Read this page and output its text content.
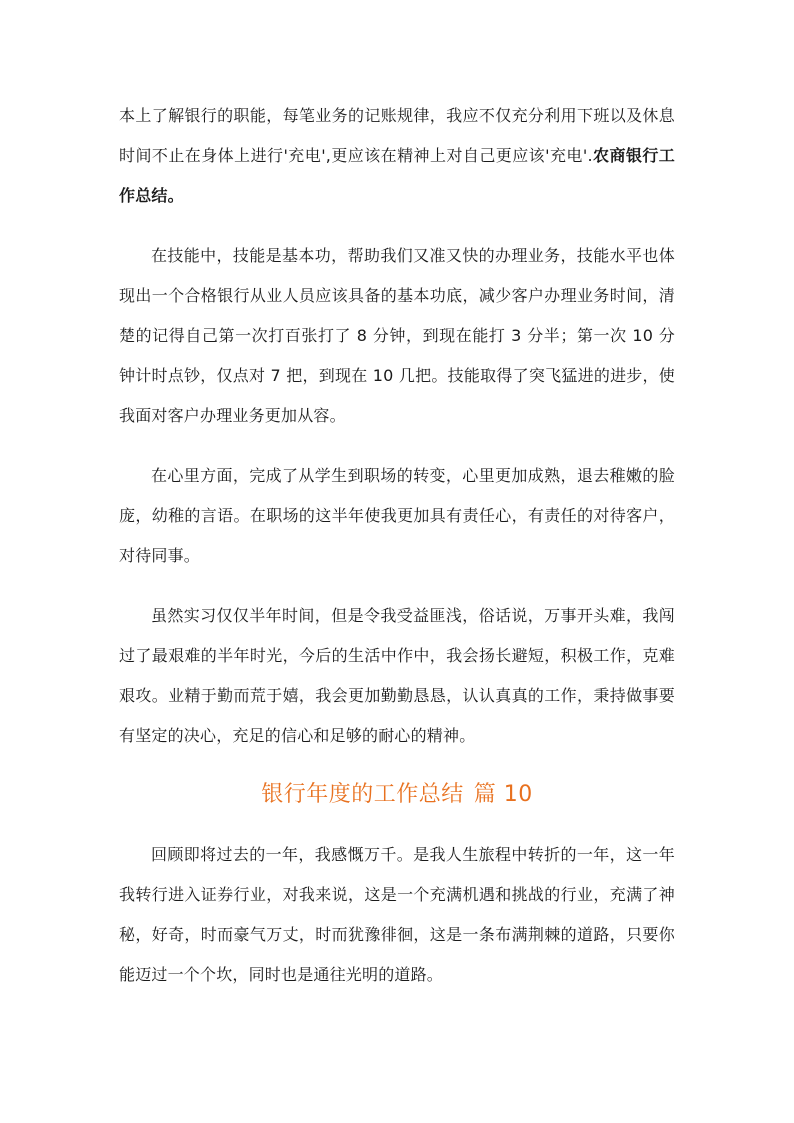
本上了解银行的职能，每笔业务的记账规律，我应不仅充分利用下班以及休息时间不止在身体上进行'充电',更应该在精神上对自己更应该'充电'.农商银行工作总结。

在技能中，技能是基本功，帮助我们又准又快的办理业务，技能水平也体现出一个合格银行从业人员应该具备的基本功底，减少客户办理业务时间，清楚的记得自己第一次打百张打了 8 分钟，到现在能打 3 分半；第一次 10 分钟计时点钞，仅点对 7 把，到现在 10 几把。技能取得了突飞猛进的进步，使我面对客户办理业务更加从容。

在心里方面，完成了从学生到职场的转变，心里更加成熟，退去稚嫩的脸庞，幼稚的言语。在职场的这半年使我更加具有责任心，有责任的对待客户，对待同事。

虽然实习仅仅半年时间，但是令我受益匪浅，俗话说，万事开头难，我闯过了最艰难的半年时光，今后的生活中作中，我会扬长避短，积极工作，克难艰攻。业精于勤而荒于嬉，我会更加勤勤恳恳，认认真真的工作，秉持做事要有坚定的决心，充足的信心和足够的耐心的精神。

银行年度的工作总结 篇 10

回顾即将过去的一年，我感慨万千。是我人生旅程中转折的一年，这一年我转行进入证券行业，对我来说，这是一个充满机遇和挑战的行业，充满了神秘，好奇，时而豪气万丈，时而犹豫徘徊，这是一条布满荆棘的道路，只要你能迈过一个个坎，同时也是通往光明的道路。
